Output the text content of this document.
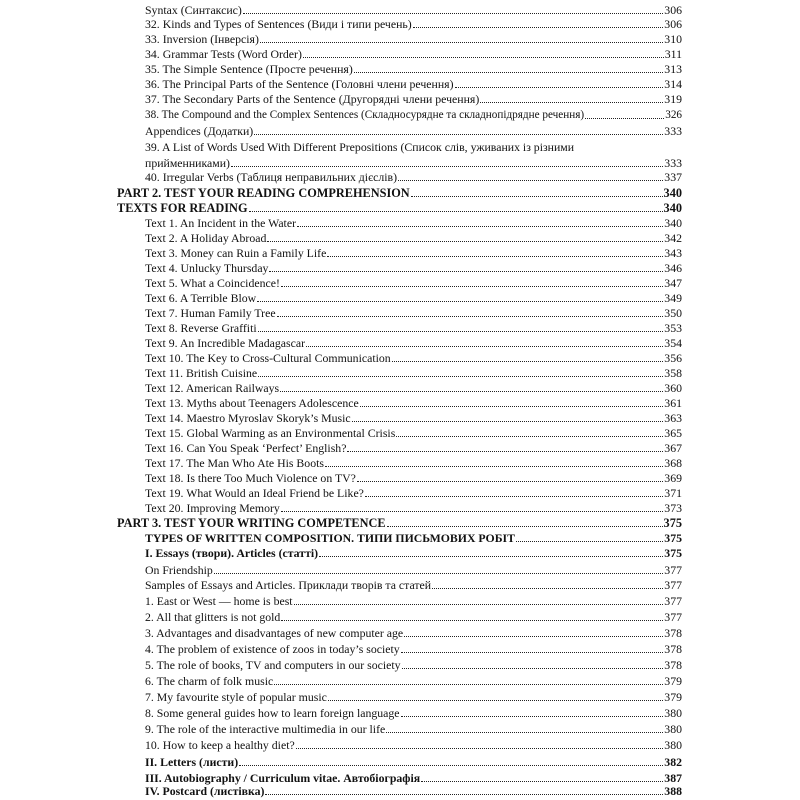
Syntax (Синтаксис)	306
32. Kinds and Types of Sentences (Види і типи речень)	306
33. Inversion (Інверсія)	310
34. Grammar Tests (Word Order)	311
35. The Simple Sentence (Просте речення)	313
36. The Principal Parts of the Sentence (Головні члени речення)	314
37. The Secondary Parts of the Sentence (Другорядні члени речення)	319
38. The Compound and the Complex Sentences (Складносурядне та складнопідрядне речення)	326
Appendices (Додатки)	333
39. A List of Words Used With Different Prepositions (Список слів, уживаних із різними
прийменниками)	333
40. Irregular Verbs (Таблиця неправильних дієслів)	337
PART 2. TEST YOUR READING COMPREHENSION	340
TEXTS FOR READING	340
Text 1. An Incident in the Water	340
Text 2. A Holiday Abroad	342
Text 3. Money can Ruin a Family Life	343
Text 4. Unlucky Thursday	346
Text 5. What a Coincidence!	347
Text 6. A Terrible Blow	349
Text 7. Human Family Tree	350
Text 8. Reverse Graffiti	353
Text 9. An Incredible Madagascar	354
Text 10. The Key to Cross-Cultural Communication	356
Text 11. British Cuisine	358
Text 12. American Railways	360
Text 13. Myths about Teenagers Adolescence	361
Text 14. Maestro Myroslav Skoryk’s Music	363
Text 15. Global Warming as an Environmental Crisis	365
Text 16. Can You Speak ‘Perfect’ English?	367
Text 17. The Man Who Ate His Boots	368
Text 18. Is there Too Much Violence on TV?	369
Text 19. What Would an Ideal Friend be Like?	371
Text 20. Improving Memory	373
PART 3. TEST YOUR WRITING COMPETENCE	375
TYPES OF WRITTEN COMPOSITION. ТИПИ ПИСЬМОВИХ РОБІТ	375
I. Essays (твори). Articles (статті)	375
On Friendship	377
Samples of Essays and Articles. Приклади творів та статей	377
1. East or West — home is best	377
2. All that glitters is not gold	377
3. Advantages and disadvantages of new computer age	378
4. The problem of existence of zoos in today’s society	378
5. The role of books, TV and computers in our society	378
6. The charm of folk music	379
7. My favourite style of popular music	379
8. Some general guides how to learn foreign language	380
9. The role of the interactive multimedia in our life	380
10. How to keep a healthy diet?	380
II. Letters (листи)	382
III. Autobiography / Curriculum vitae. Автобіографія	387
IV. Postcard (листівка)	388
